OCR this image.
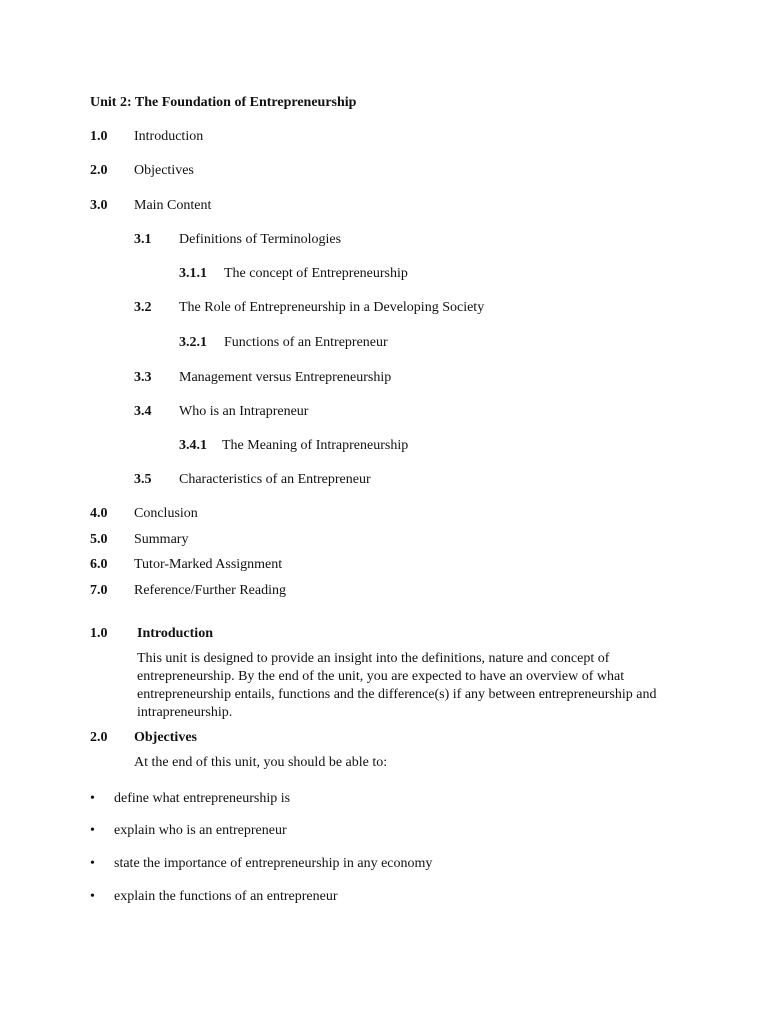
Unit 2: The Foundation of Entrepreneurship
1.0 Introduction
2.0 Objectives
3.0 Main Content
3.1 Definitions of Terminologies
3.1.1 The concept of Entrepreneurship
3.2 The Role of Entrepreneurship in a Developing Society
3.2.1 Functions of an Entrepreneur
3.3 Management versus Entrepreneurship
3.4 Who is an Intrapreneur
3.4.1 The Meaning of Intrapreneurship
3.5 Characteristics of an Entrepreneur
4.0 Conclusion
5.0 Summary
6.0 Tutor-Marked Assignment
7.0 Reference/Further Reading
1.0 Introduction
This unit is designed to provide an insight into the definitions, nature and concept of entrepreneurship. By the end of the unit, you are expected to have an overview of what entrepreneurship entails, functions and the difference(s) if any between entrepreneurship and intrapreneurship.
2.0 Objectives
At the end of this unit, you should be able to:
• define what entrepreneurship is
• explain who is an entrepreneur
• state the importance of entrepreneurship in any economy
• explain the functions of an entrepreneur
